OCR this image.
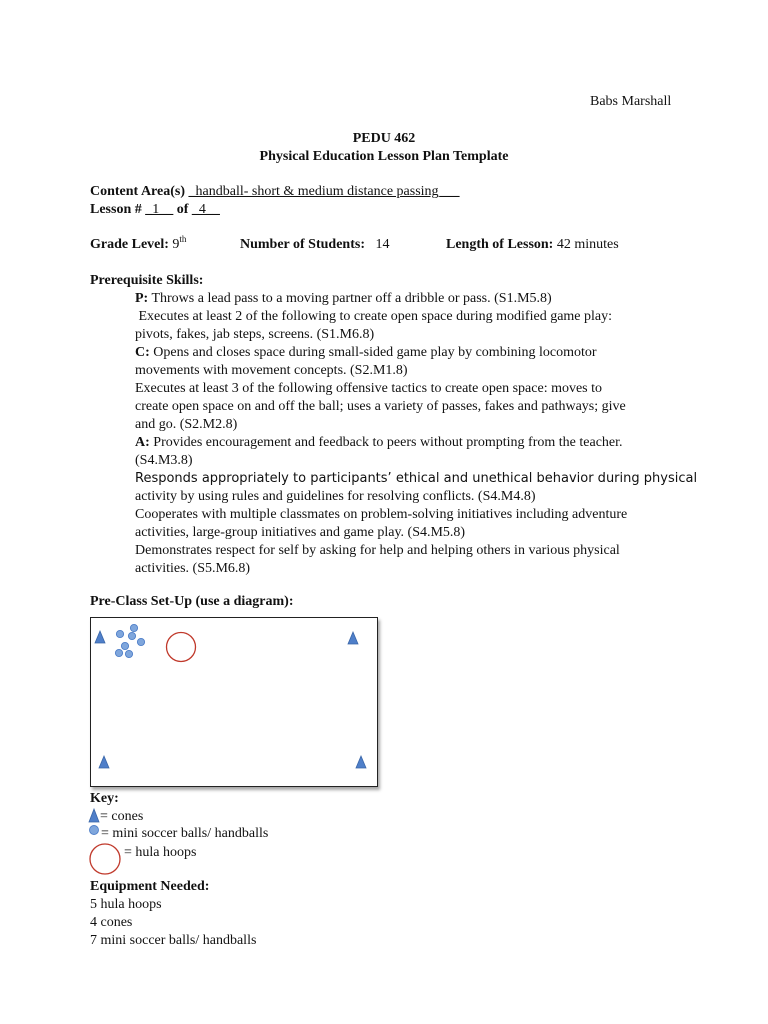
Babs Marshall
PEDU 462
Physical Education Lesson Plan Template
Content Area(s) _handball- short & medium distance passing___
Lesson # _1__ of _4__
Grade Level: 9th	Number of Students: 14	Length of Lesson: 42 minutes
Prerequisite Skills:
P: Throws a lead pass to a moving partner off a dribble or pass. (S1.M5.8)
Executes at least 2 of the following to create open space during modified game play:
pivots, fakes, jab steps, screens. (S1.M6.8)
C: Opens and closes space during small-sided game play by combining locomotor
movements with movement concepts. (S2.M1.8)
Executes at least 3 of the following offensive tactics to create open space: moves to
create open space on and off the ball; uses a variety of passes, fakes and pathways; give
and go. (S2.M2.8)
A: Provides encouragement and feedback to peers without prompting from the teacher.
(S4.M3.8)
Responds appropriately to participants’ ethical and unethical behavior during physical
activity by using rules and guidelines for resolving conflicts. (S4.M4.8)
Cooperates with multiple classmates on problem-solving initiatives including adventure
activities, large-group initiatives and game play. (S4.M5.8)
Demonstrates respect for self by asking for help and helping others in various physical
activities. (S5.M6.8)
Pre-Class Set-Up (use a diagram):
Key:
= cones
= mini soccer balls/ handballs
= hula hoops
Equipment Needed:
5 hula hoops
4 cones
7 mini soccer balls/ handballs
